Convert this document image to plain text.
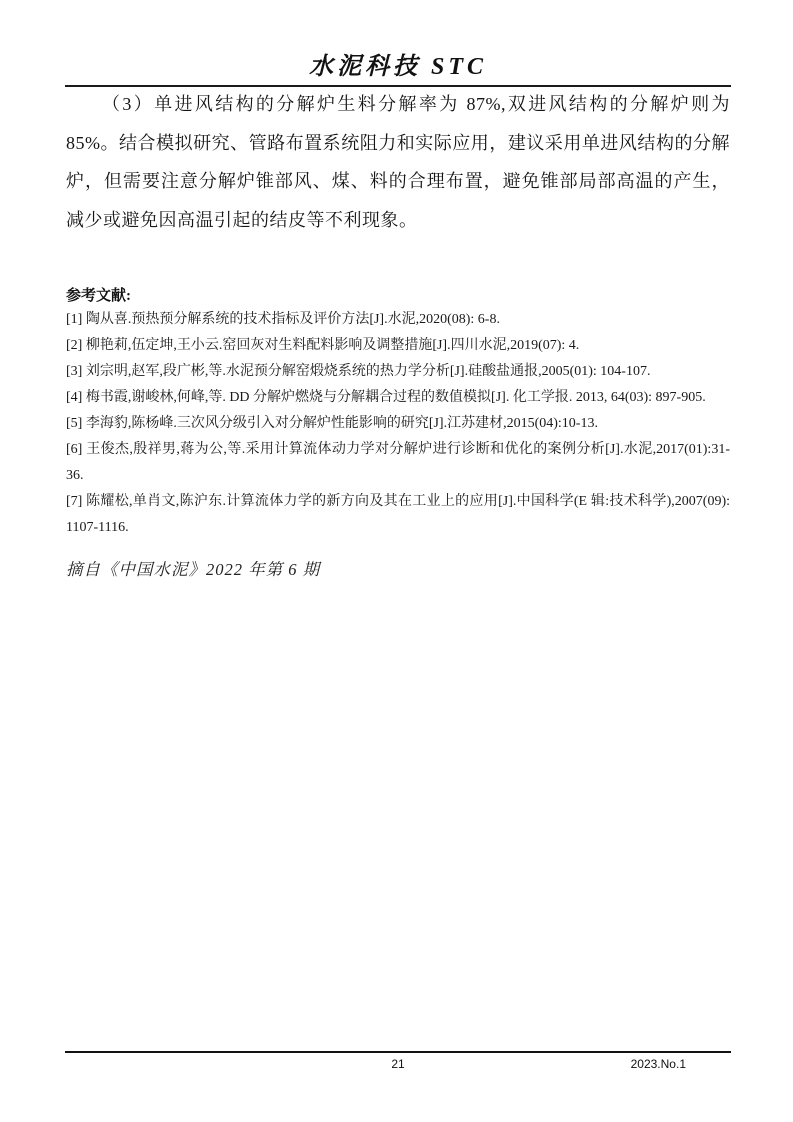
水泥科技 STC

（3）单进风结构的分解炉生料分解率为 87%,双进风结构的分解炉则为 85%。结合模拟研究、管路布置系统阻力和实际应用，建议采用单进风结构的分解炉，但需要注意分解炉锥部风、煤、料的合理布置，避免锥部局部高温的产生，减少或避免因高温引起的结皮等不利现象。

参考文献:
[1] 陶从喜.预热预分解系统的技术指标及评价方法[J].水泥,2020(08): 6-8.
[2] 柳艳莉,伍定坤,王小云.窑回灰对生料配料影响及调整措施[J].四川水泥,2019(07): 4.
[3] 刘宗明,赵军,段广彬,等.水泥预分解窑煅烧系统的热力学分析[J].硅酸盐通报,2005(01): 104-107.
[4] 梅书霞,谢峻林,何峰,等. DD 分解炉燃烧与分解耦合过程的数值模拟[J]. 化工学报. 2013, 64(03): 897-905.
[5] 李海豹,陈杨峰.三次风分级引入对分解炉性能影响的研究[J].江苏建材,2015(04):10-13.
[6] 王俊杰,殷祥男,蒋为公,等.采用计算流体动力学对分解炉进行诊断和优化的案例分析[J].水泥,2017(01):31-36.
[7] 陈耀松,单肖文,陈沪东.计算流体力学的新方向及其在工业上的应用[J].中国科学(E 辑:技术科学),2007(09): 1107-1116.
摘自《中国水泥》2022 年第 6 期
21	2023.No.1
